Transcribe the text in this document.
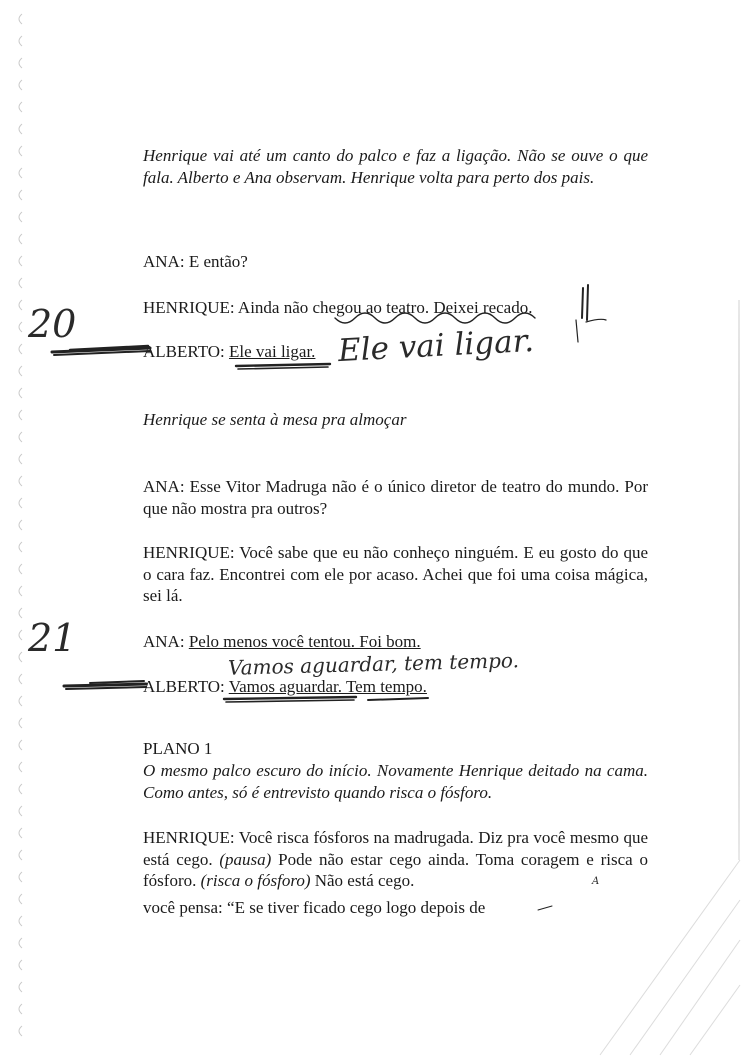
Henrique vai até um canto do palco e faz a ligação. Não se ouve o que fala. Alberto e Ana observam. Henrique volta para perto dos pais.
ANA: E então?
HENRIQUE: Ainda não chegou ao teatro. Deixei recado.
ALBERTO: Ele vai ligar.
Henrique se senta à mesa pra almoçar
ANA: Esse Vitor Madruga não é o único diretor de teatro do mundo. Por que não mostra pra outros?
HENRIQUE: Você sabe que eu não conheço ninguém. E eu gosto do que o cara faz. Encontrei com ele por acaso. Achei que foi uma coisa mágica, sei lá.
ANA: Pelo menos você tentou. Foi bom.
ALBERTO: Vamos aguardar. Tem tempo.
PLANO 1
O mesmo palco escuro do início. Novamente Henrique deitado na cama. Como antes, só é entrevisto quando risca o fósforo.
HENRIQUE: Você risca fósforos na madrugada. Diz pra você mesmo que está cego. (pausa) Pode não estar cego ainda. Toma coragem e risca o fósforo. (risca o fósforo) Não está cego.
você pensa: “E se tiver ficado cego logo depois de
20
21
Ele vai ligar.
Vamos aguardar, tem tempo.
A
